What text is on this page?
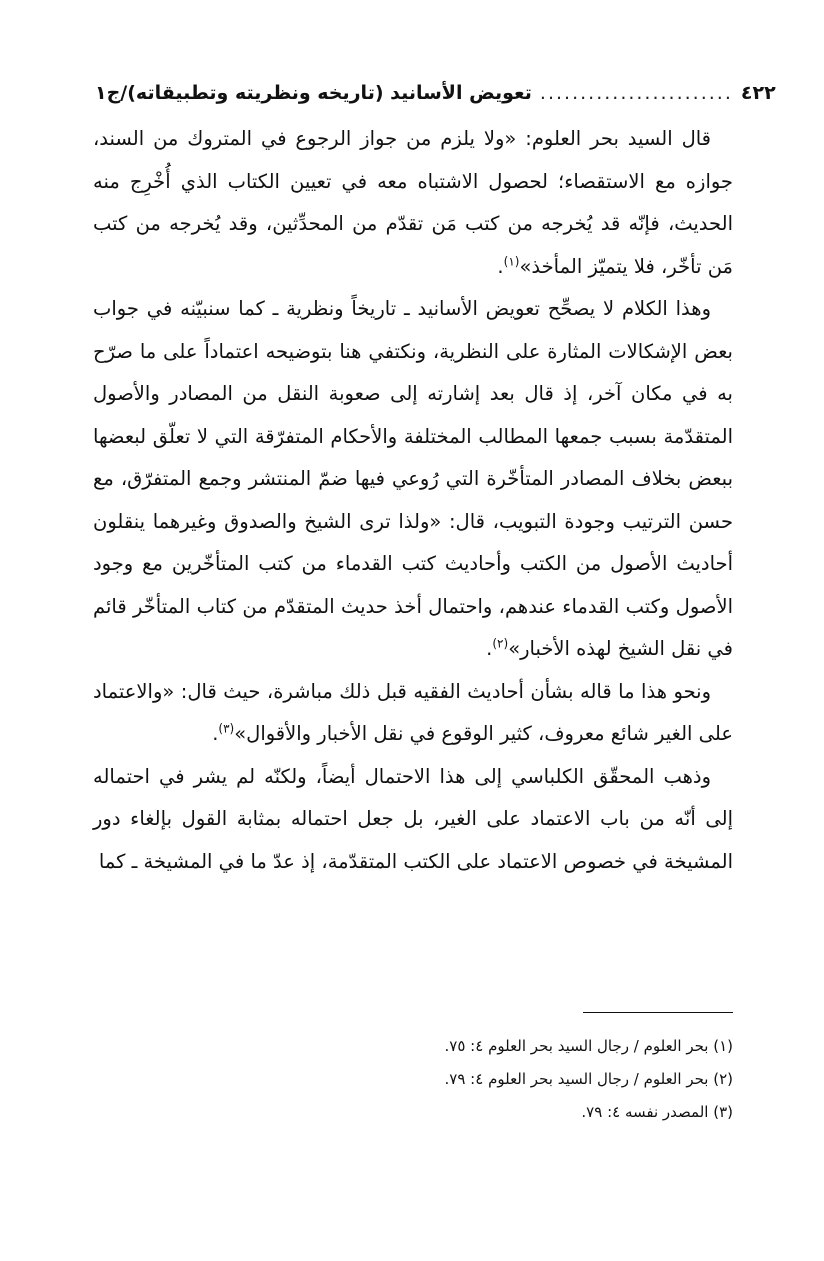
٤٢٢
........................
تعويض الأسانيد (تاريخه ونظريته وتطبيقاته)/ج١

قال السيد بحر العلوم: «ولا يلزم من جواز الرجوع في المتروك من السند، جوازه مع الاستقصاء؛ لحصول الاشتباه معه في تعيين الكتاب الذي أُخْرِج منه الحديث، فإنّه قد يُخرجه من كتب مَن تقدّم من المحدِّثين، وقد يُخرجه من كتب مَن تأخّر، فلا يتميّز المأخذ»$^{(١)}$.

وهذا الكلام لا يصحِّح تعويض الأسانيد ـ تاريخاً ونظرية ـ كما سنبيّنه في جواب بعض الإشكالات المثارة على النظرية، ونكتفي هنا بتوضيحه اعتماداً على ما صرّح به في مكان آخر، إذ قال بعد إشارته إلى صعوبة النقل من المصادر والأصول المتقدّمة بسبب جمعها المطالب المختلفة والأحكام المتفرّقة التي لا تعلّق لبعضها ببعض بخلاف المصادر المتأخّرة التي رُوعي فيها ضمّ المنتشر وجمع المتفرّق، مع حسن الترتيب وجودة التبويب، قال: «ولذا ترى الشيخ والصدوق وغيرهما ينقلون أحاديث الأصول من الكتب وأحاديث كتب القدماء من كتب المتأخّرين مع وجود الأصول وكتب القدماء عندهم، واحتمال أخذ حديث المتقدّم من كتاب المتأخّر قائم في نقل الشيخ لهذه الأخبار»$^{(٢)}$.

ونحو هذا ما قاله بشأن أحاديث الفقيه قبل ذلك مباشرة، حيث قال: «والاعتماد على الغير شائع معروف، كثير الوقوع في نقل الأخبار والأقوال»$^{(٣)}$.

وذهب المحقّق الكلباسي إلى هذا الاحتمال أيضاً، ولكنّه لم يشر في احتماله إلى أنّه من باب الاعتماد على الغير، بل جعل احتماله بمثابة القول بإلغاء دور المشيخة في خصوص الاعتماد على الكتب المتقدّمة، إذ عدّ ما في المشيخة ـ كما

(١) بحر العلوم / رجال السيد بحر العلوم ٤: ٧٥.
(٢) بحر العلوم / رجال السيد بحر العلوم ٤: ٧٩.
(٣) المصدر نفسه ٤: ٧٩.
